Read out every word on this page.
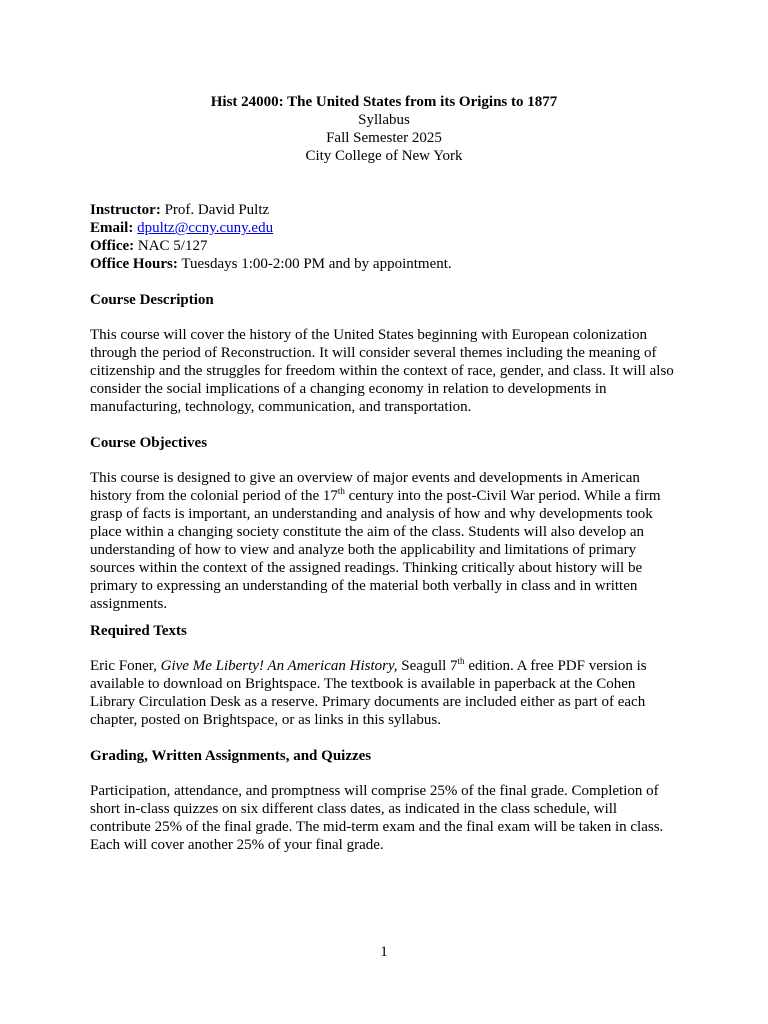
Hist 24000: The United States from its Origins to 1877
Syllabus
Fall Semester 2025
City College of New York
Instructor: Prof. David Pultz
Email: dpultz@ccny.cuny.edu
Office: NAC 5/127
Office Hours: Tuesdays 1:00-2:00 PM and by appointment.
Course Description
This course will cover the history of the United States beginning with European colonization
through the period of Reconstruction. It will consider several themes including the meaning of
citizenship and the struggles for freedom within the context of race, gender, and class. It will also
consider the social implications of a changing economy in relation to developments in
manufacturing, technology, communication, and transportation.
Course Objectives
This course is designed to give an overview of major events and developments in American
history from the colonial period of the 17th century into the post-Civil War period. While a firm
grasp of facts is important, an understanding and analysis of how and why developments took
place within a changing society constitute the aim of the class. Students will also develop an
understanding of how to view and analyze both the applicability and limitations of primary
sources within the context of the assigned readings. Thinking critically about history will be
primary to expressing an understanding of the material both verbally in class and in written
assignments.
Required Texts
Eric Foner, Give Me Liberty! An American History, Seagull 7th edition. A free PDF version is
available to download on Brightspace. The textbook is available in paperback at the Cohen
Library Circulation Desk as a reserve. Primary documents are included either as part of each
chapter, posted on Brightspace, or as links in this syllabus.
Grading, Written Assignments, and Quizzes
Participation, attendance, and promptness will comprise 25% of the final grade. Completion of
short in-class quizzes on six different class dates, as indicated in the class schedule, will
contribute 25% of the final grade. The mid-term exam and the final exam will be taken in class.
Each will cover another 25% of your final grade.
1
